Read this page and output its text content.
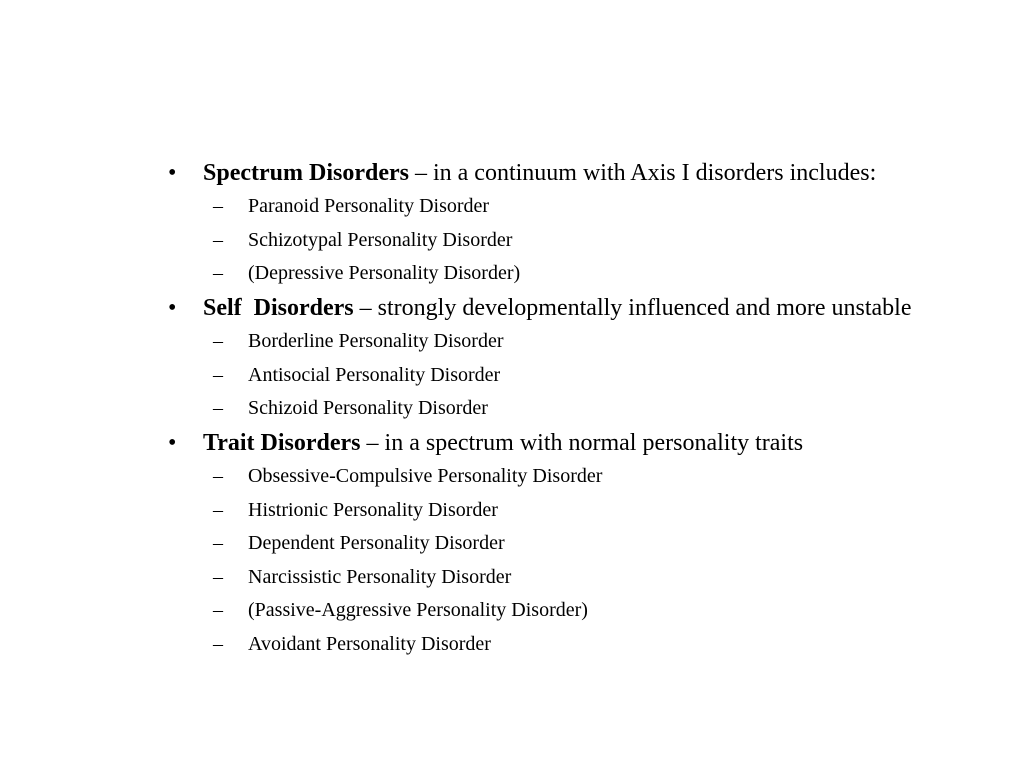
• Spectrum Disorders – in a continuum with Axis I disorders includes:
–	Paranoid Personality Disorder
–	Schizotypal Personality Disorder
–	(Depressive Personality Disorder)
• Self  Disorders – strongly developmentally influenced and more unstable
–	Borderline Personality Disorder
–	Antisocial Personality Disorder
–	Schizoid Personality Disorder
• Trait Disorders – in a spectrum with normal personality traits
–	Obsessive-Compulsive Personality Disorder
–	Histrionic Personality Disorder
–	Dependent Personality Disorder
–	Narcissistic Personality Disorder
–	(Passive-Aggressive Personality Disorder)
–	Avoidant Personality Disorder
